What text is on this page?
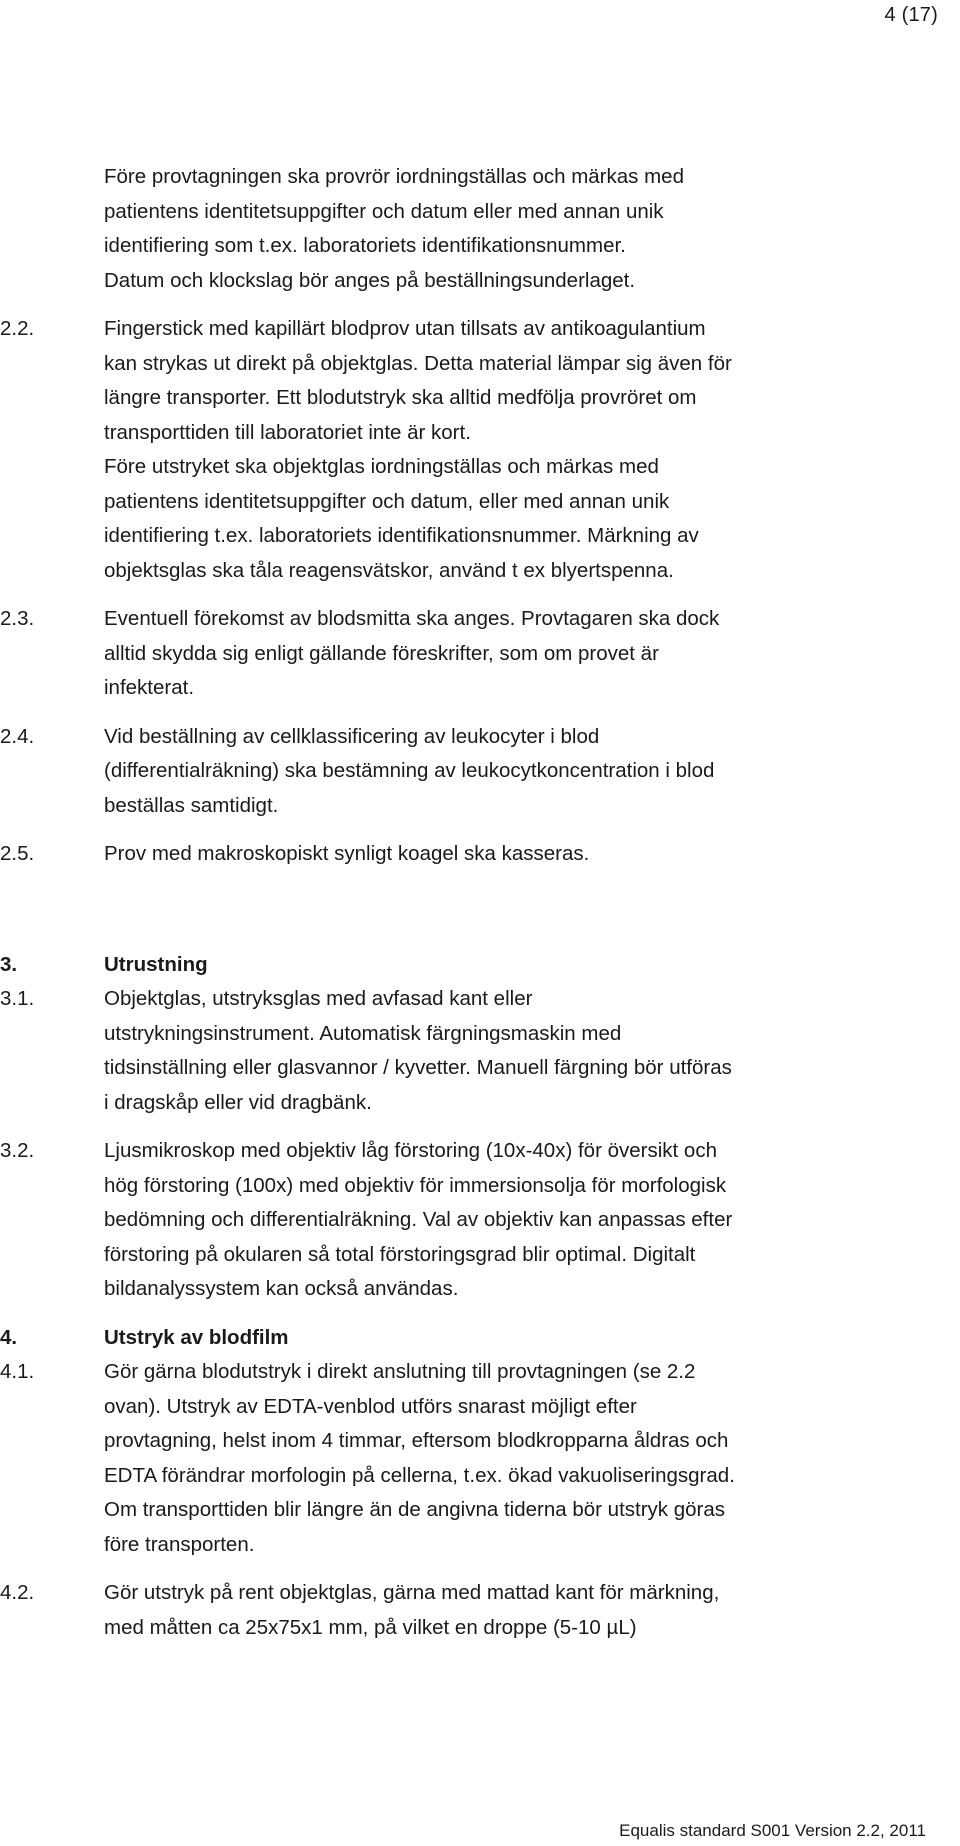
4 (17)
Före provtagningen ska provrör iordningställas och märkas med
patientens identitetsuppgifter och datum eller med annan unik
identifiering som t.ex. laboratoriets identifikationsnummer.
Datum och klockslag bör anges på beställningsunderlaget.
2.2.	Fingerstick med kapillärt blodprov utan tillsats av antikoagulantium
kan strykas ut direkt på objektglas. Detta material lämpar sig även för
längre transporter. Ett blodutstryk ska alltid medfölja provröret om
transporttiden till laboratoriet inte är kort.
Före utstryket ska objektglas iordningställas och märkas med
patientens identitetsuppgifter och datum, eller med annan unik
identifiering t.ex. laboratoriets identifikationsnummer. Märkning av
objektsglas ska tåla reagensvätskor, använd t ex blyertspenna.
2.3.	Eventuell förekomst av blodsmitta ska anges. Provtagaren ska dock
alltid skydda sig enligt gällande föreskrifter, som om provet är
infekterat.
2.4.	Vid beställning av cellklassificering av leukocyter i blod
(differentialräkning) ska bestämning av leukocytkoncentration i blod
beställas samtidigt.
2.5.	Prov med makroskopiskt synligt koagel ska kasseras.
3.	Utrustning
3.1.	Objektglas, utstryksglas med avfasad kant eller
utstrykningsinstrument. Automatisk färgningsmaskin med
tidsinställning eller glasvannor / kyvetter. Manuell färgning bör utföras
i dragskåp eller vid dragbänk.
3.2.	Ljusmikroskop med objektiv låg förstoring (10x-40x) för översikt och
hög förstoring (100x) med objektiv för immersionsolja för morfologisk
bedömning och differentialräkning. Val av objektiv kan anpassas efter
förstoring på okularen så total förstoringsgrad blir optimal. Digitalt
bildanalyssystem kan också användas.
4.	Utstryk av blodfilm
4.1.	Gör gärna blodutstryk i direkt anslutning till provtagningen (se 2.2
ovan). Utstryk av EDTA-venblod utförs snarast möjligt efter
provtagning, helst inom 4 timmar, eftersom blodkropparna åldras och
EDTA förändrar morfologin på cellerna, t.ex. ökad vakuoliseringsgrad.
Om transporttiden blir längre än de angivna tiderna bör utstryk göras
före transporten.
4.2.	Gör utstryk på rent objektglas, gärna med mattad kant för märkning,
med måtten ca 25x75x1 mm, på vilket en droppe (5-10 µL)
Equalis standard S001 Version 2.2, 2011
